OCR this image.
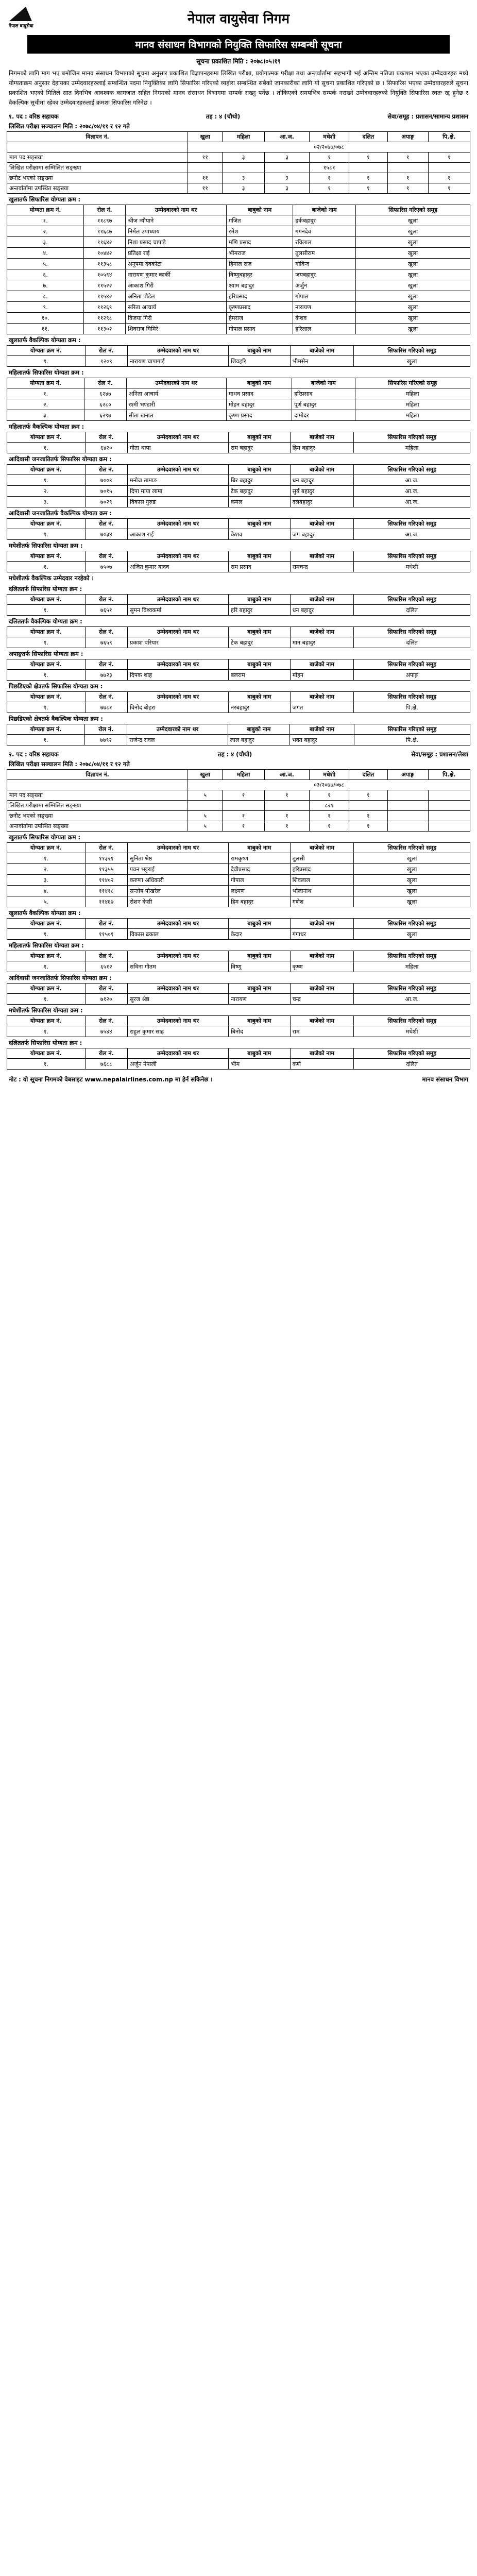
नेपाल वायुसेवा	नेपाल वायुसेवा निगम
मानव संसाधन विभागको नियुक्ति सिफारिस सम्बन्धी सूचना
सूचना प्रकाशित मिति : २०७८।०५।१९
निगमको लागि माग भए बमोजिम मानव संसाधन विभागको सूचना अनुसार प्रकाशित विज्ञापनहरुमा लिखित परीक्षा, प्रयोगात्मक परीक्षा तथा अन्तर्वार्तामा सहभागी भई अन्तिम नतिजा प्रकाशन भएका उम्मेदवारहरु मध्ये योग्यताक्रम अनुसार देहायका उम्मेदवारहरुलाई सम्बन्धित पदमा नियुक्तिका लागि सिफारिस गरिएको व्यहोरा सम्बन्धित सबैको जानकारीका लागि यो सूचना प्रकाशित गरिएको छ । सिफारिस भएका उम्मेदवारहरुले सूचना प्रकाशित भएको मितिले सात दिनभित्र आवश्यक कागजात सहित निगमको मानव संसाधन विभागमा सम्पर्क राख्नु पर्नेछ । तोकिएको समयभित्र सम्पर्क नराख्ने उम्मेदवारहरुको नियुक्ति सिफारिस स्वतः रद्द हुनेछ र वैकल्पिक सूचीमा रहेका उम्मेदवारहरुलाई क्रमशः सिफारिस गरिनेछ ।
१. पद : वरिष्ठ सहायक	तह : ४ (चौथो)	सेवा/समूह : प्रशासन/सामान्य प्रशासन
लिखित परीक्षा सञ्चालन मिति : २०७८/०४/११ र १२ गते
विज्ञापन नं.	खुला	महिला	आ.ज.	मधेशी	दलित	अपाङ्ग	पि.क्षे.
	०२/२०७७/०७८						
माग पद सङ्ख्या	११	३	३	१	१	१	१
लिखित परीक्षामा सम्मिलित सङ्ख्या				१५८१			
छनौट भएको सङ्ख्या	११	३	३	१	१	१	१
अन्तर्वार्तामा उपस्थित सङ्ख्या	११	३	३	१	१	१	१
खुलातर्फ सिफारिस योग्यता क्रम :
योग्यता क्रम नं.	रोल नं.	उम्मेदवारको नाम थर	बाबुको नाम	बाजेको नाम	सिफारिस गरिएको समूह
१.	११८९७	श्रीज न्यौपाने	गजित	हर्कबहादुर	खुला
२.	११६८७	निर्मल उपाध्याय	रमेश	गगनदेव	खुला
३.	११६४२	निशा प्रसाद चापाडे	मणि प्रसाद	रविलाल	खुला
४.	१०४४२	प्रतिक्षा राई	भीमराज	तुलसीराम	खुला
५.	११३५८	अनुपमा देवकोटा	हिमाल राज	गोविन्द	खुला
६.	१०५९४	नारायण कुमार कार्की	विष्णुबहादुर	जयबहादुर	खुला
७.	११५२२	आकाश गिरी	श्याम बहादुर	अर्जुन	खुला
८.	११५४२	अनिता पौडेल	हरिप्रसाद	गोपाल	खुला
९.	११२६९	सरिता आचार्य	कृष्णप्रसाद	नारायण	खुला
१०.	११२९८	विजया गिरी	हेमराज	केशव	खुला
११.	११३०२	शिवराज घिमिरे	गोपाल प्रसाद	हरिलाल	खुला
खुलातर्फ वैकल्पिक योग्यता क्रम :
योग्यता क्रम नं.	रोल नं.	उम्मेदवारको नाम थर	बाबुको नाम	बाजेको नाम	सिफारिस गरिएको समूह
१.	१२०९	नारायण चापागाई	शिवहरि	भीमसेन	खुला
महिलातर्फ सिफारिस योग्यता क्रम :
योग्यता क्रम नं.	रोल नं.	उम्मेदवारको नाम थर	बाबुको नाम	बाजेको नाम	सिफारिस गरिएको समूह
१.	६२४७	अनिता आचार्य	माधव प्रसाद	हरिप्रसाद	महिला
२.	६२८०	रश्मी भण्डारी	मोहन बहादुर	पूर्ण बहादुर	महिला
३.	६२९७	सीता खनाल	कृष्ण प्रसाद	दामोदर	महिला
महिलातर्फ वैकल्पिक योग्यता क्रम :
योग्यता क्रम नं.	रोल नं.	उम्मेदवारको नाम थर	बाबुको नाम	बाजेको नाम	सिफारिस गरिएको समूह
१.	६४२०	गीता थापा	राम बहादुर	हिम बहादुर	महिला
आदिवासी जनजातितर्फ सिफारिस योग्यता क्रम :
योग्यता क्रम नं.	रोल नं.	उम्मेदवारको नाम थर	बाबुको नाम	बाजेको नाम	सिफारिस गरिएको समूह
१.	७००९	मनोज तामाङ	बिर बहादुर	धन बहादुर	आ.ज.
२.	७०१५	दिपा माया लामा	टेक बहादुर	सुर्य बहादुर	आ.ज.
३.	७०२९	विकास गुरुङ	कमल	दलबहादुर	आ.ज.
आदिवासी जनजातितर्फ वैकल्पिक योग्यता क्रम :
योग्यता क्रम नं.	रोल नं.	उम्मेदवारको नाम थर	बाबुको नाम	बाजेको नाम	सिफारिस गरिएको समूह
१.	७०३४	आकाश राई	केशव	जंग बहादुर	आ.ज.
मधेशीतर्फ सिफारिस योग्यता क्रम :
योग्यता क्रम नं.	रोल नं.	उम्मेदवारको नाम थर	बाबुको नाम	बाजेको नाम	सिफारिस गरिएको समूह
१.	७५०७	अजित कुमार यादव	राम प्रसाद	रामचन्द्र	मधेशी
मधेशीतर्फ वैकल्पिक उम्मेदवार नरहेको ।
दलिततर्फ सिफारिस योग्यता क्रम :
योग्यता क्रम नं.	रोल नं.	उम्मेदवारको नाम थर	बाबुको नाम	बाजेको नाम	सिफारिस गरिएको समूह
१.	७६५१	सुमन विश्वकर्मा	हरि बहादुर	धन बहादुर	दलित
दलिततर्फ वैकल्पिक योग्यता क्रम :
योग्यता क्रम नं.	रोल नं.	उम्मेदवारको नाम थर	बाबुको नाम	बाजेको नाम	सिफारिस गरिएको समूह
१.	७६५९	प्रकाश परियार	टेक बहादुर	मान बहादुर	दलित
अपाङ्गतर्फ सिफारिस योग्यता क्रम :
योग्यता क्रम नं.	रोल नं.	उम्मेदवारको नाम थर	बाबुको नाम	बाजेको नाम	सिफारिस गरिएको समूह
१.	७७२३	दिपक शाह	बलराम	मोहन	अपाङ्ग
पिछडिएको क्षेत्रतर्फ सिफारिस योग्यता क्रम :
योग्यता क्रम नं.	रोल नं.	उम्मेदवारको नाम थर	बाबुको नाम	बाजेको नाम	सिफारिस गरिएको समूह
१.	७७८१	विनोद बोहरा	नरबहादुर	जगत	पि.क्षे.
पिछडिएको क्षेत्रतर्फ वैकल्पिक योग्यता क्रम :
योग्यता क्रम नं.	रोल नं.	उम्मेदवारको नाम थर	बाबुको नाम	बाजेको नाम	सिफारिस गरिएको समूह
१.	७७९२	राजेन्द्र रावल	लाल बहादुर	भक्त बहादुर	पि.क्षे.
२. पद : वरिष्ठ सहायक	तह : ४ (चौथो)	सेवा/समूह : प्रशासन/लेखा
लिखित परीक्षा सञ्चालन मिति : २०७८/०४/११ र १२ गते
विज्ञापन नं.	खुला	महिला	आ.ज.	मधेशी	दलित	अपाङ्ग	पि.क्षे.
	०३/२०७७/०७८						
माग पद सङ्ख्या	५	१	१	१	१		
लिखित परीक्षामा सम्मिलित सङ्ख्या				८२१			
छनौट भएको सङ्ख्या	५	१	१	१	१		
अन्तर्वार्तामा उपस्थित सङ्ख्या	५	१	१	१	१		
खुलातर्फ सिफारिस योग्यता क्रम :
योग्यता क्रम नं.	रोल नं.	उम्मेदवारको नाम थर	बाबुको नाम	बाजेको नाम	सिफारिस गरिएको समूह
१.	११३२१	सुनिता श्रेष्ठ	रामकृष्ण	तुलसी	खुला
२.	११३५५	पवन भट्टराई	देवीप्रसाद	हरिप्रसाद	खुला
३.	११४०२	करुणा अधिकारी	गोपाल	शिवलाल	खुला
४.	११४१८	सन्तोष पोखरेल	लक्ष्मण	भोलानाथ	खुला
५.	११४६७	रोशन केसी	हिम बहादुर	गणेश	खुला
खुलातर्फ वैकल्पिक योग्यता क्रम :
योग्यता क्रम नं.	रोल नं.	उम्मेदवारको नाम थर	बाबुको नाम	बाजेको नाम	सिफारिस गरिएको समूह
१.	११५०१	विकास ढकाल	केदार	गंगाधर	खुला
महिलातर्फ सिफारिस योग्यता क्रम :
योग्यता क्रम नं.	रोल नं.	उम्मेदवारको नाम थर	बाबुको नाम	बाजेको नाम	सिफारिस गरिएको समूह
१.	६५१२	सविना गौतम	विष्णु	कृष्ण	महिला
आदिवासी जनजातितर्फ सिफारिस योग्यता क्रम :
योग्यता क्रम नं.	रोल नं.	उम्मेदवारको नाम थर	बाबुको नाम	बाजेको नाम	सिफारिस गरिएको समूह
१.	७१२०	सुरज श्रेष्ठ	नारायण	चन्द्र	आ.ज.
मधेशीतर्फ सिफारिस योग्यता क्रम :
योग्यता क्रम नं.	रोल नं.	उम्मेदवारको नाम थर	बाबुको नाम	बाजेको नाम	सिफारिस गरिएको समूह
१.	७५४४	राहुल कुमार साह	बिनोद	राम	मधेशी
दलिततर्फ सिफारिस योग्यता क्रम :
योग्यता क्रम नं.	रोल नं.	उम्मेदवारको नाम थर	बाबुको नाम	बाजेको नाम	सिफारिस गरिएको समूह
१.	७६८८	अर्जुन नेपाली	भीम	कर्ण	दलित
नोट : यो सूचना निगमको वेबसाइट www.nepalairlines.com.np मा हेर्न सकिनेछ ।	मानव संसाधन विभाग
